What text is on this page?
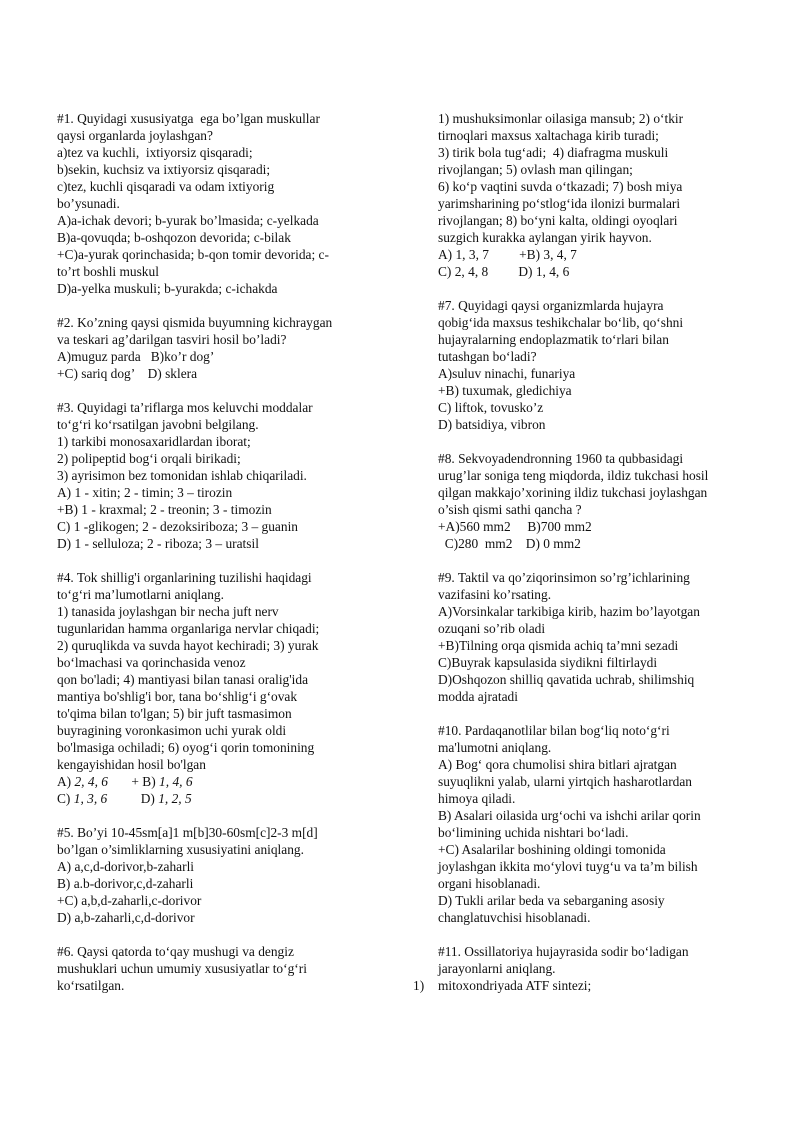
#1. Quyidagi xususiyatga  ega bo’lgan muskullar
qaysi organlarda joylashgan?
a)tez va kuchli,  ixtiyorsiz qisqaradi;
b)sekin, kuchsiz va ixtiyorsiz qisqaradi;
c)tez, kuchli qisqaradi va odam ixtiyorig
bo’ysunadi.
A)a-ichak devori; b-yurak bo’lmasida; c-yelkada
B)a-qovuqda; b-oshqozon devorida; c-bilak
+C)a-yurak qorinchasida; b-qon tomir devorida; c-
to’rt boshli muskul
D)a-yelka muskuli; b-yurakda; c-ichakda
#2. Ko’zning qaysi qismida buyumning kichraygan
va teskari ag’darilgan tasviri hosil bo’ladi?
A)muguz parda   B)ko’r dog’
+C) sariq dog’    D) sklera
#3. Quyidagi ta’riflarga mos keluvchi moddalar
to‘g‘ri ko‘rsatilgan javobni belgilang.
1) tarkibi monosaxaridlardan iborat;
2) polipeptid bog‘i orqali birikadi;
3) ayrisimon bez tomonidan ishlab chiqariladi.
A) 1 - xitin; 2 - timin; 3 – tirozin
+B) 1 - kraxmal; 2 - treonin; 3 - timozin
C) 1 -glikogen; 2 - dezoksiriboza; 3 – guanin
D) 1 - selluloza; 2 - riboza; 3 – uratsil
#4. Tok shillig'i organlarining tuzilishi haqidagi
to‘g‘ri ma’lumotlarni aniqlang.
1) tanasida joylashgan bir necha juft nerv
tugunlaridan hamma organlariga nervlar chiqadi;
2) quruqlikda va suvda hayot kechiradi; 3) yurak
bo‘lmachasi va qorinchasida venoz
qon bo'ladi; 4) mantiyasi bilan tanasi oralig'ida
mantiya bo'shlig'i bor, tana bo‘shlig‘i g‘ovak
to'qima bilan to'lgan; 5) bir juft tasmasimon
buyragining voronkasimon uchi yurak oldi
bo'lmasiga ochiladi; 6) oyog‘i qorin tomonining
kengayishidan hosil bo'lgan
A) 2, 4, 6 + B) 1, 4, 6
C) 1, 3, 6 D) 1, 2, 5
#5. Bo’yi 10-45sm[a]1 m[b]30-60sm[c]2-3 m[d]
bo’lgan o’simliklarning xususiyatini aniqlang.
A) a,c,d-dorivor,b-zaharli
B) a.b-dorivor,c,d-zaharli
+C) a,b,d-zaharli,c-dorivor
D) a,b-zaharli,c,d-dorivor
#6. Qaysi qatorda to‘qay mushugi va dengiz
mushuklari uchun umumiy xususiyatlar to‘g‘ri
ko‘rsatilgan.
1) mushuksimonlar oilasiga mansub; 2) o‘tkir
tirnoqlari maxsus xaltachaga kirib turadi;
3) tirik bola tug‘adi;  4) diafragma muskuli
rivojlangan; 5) ovlash man qilingan;
6) ko‘p vaqtini suvda o‘tkazadi; 7) bosh miya
yarimsharining po‘stlog‘ida ilonizi burmalari
rivojlangan; 8) bo‘yni kalta, oldingi oyoqlari
suzgich kurakka aylangan yirik hayvon.
A) 1, 3, 7         +B) 3, 4, 7
C) 2, 4, 8         D) 1, 4, 6
#7. Quyidagi qaysi organizmlarda hujayra
qobig‘ida maxsus teshikchalar bo‘lib, qo‘shni
hujayralarning endoplazmatik to‘rlari bilan
tutashgan bo‘ladi?
A)suluv ninachi, funariya
+B) tuxumak, gledichiya
C) liftok, tovusko’z
D) batsidiya, vibron
#8. Sekvoyadendronning 1960 ta qubbasidagi
urug’lar soniga teng miqdorda, ildiz tukchasi hosil
qilgan makkajo’xorining ildiz tukchasi joylashgan
o’sish qismi sathi qancha ?
+A)560 mm2     B)700 mm2
C)280  mm2    D) 0 mm2
#9. Taktil va qo’ziqorinsimon so’rg’ichlarining
vazifasini ko’rsating.
A)Vorsinkalar tarkibiga kirib, hazim bo’layotgan
ozuqani so’rib oladi
+B)Tilning orqa qismida achiq ta’mni sezadi
C)Buyrak kapsulasida siydikni filtirlaydi
D)Oshqozon shilliq qavatida uchrab, shilimshiq
modda ajratadi
#10. Pardaqanotlilar bilan bog‘liq noto‘g‘ri
ma'lumotni aniqlang.
A) Bog‘ qora chumolisi shira bitlari ajratgan
suyuqlikni yalab, ularni yirtqich hasharotlardan
himoya qiladi.
B) Asalari oilasida urg‘ochi va ishchi arilar qorin
bo‘limining uchida nishtari bo‘ladi.
+C) Asalarilar boshining oldingi tomonida
joylashgan ikkita mo‘ylovi tuyg‘u va ta’m bilish
organi hisoblanadi.
D) Tukli arilar beda va sebarganing asosiy
changlatuvchisi hisoblanadi.
#11. Ossillatoriya hujayrasida sodir bo‘ladigan
jarayonlarni aniqlang.
1) mitoxondriyada ATF sintezi;
